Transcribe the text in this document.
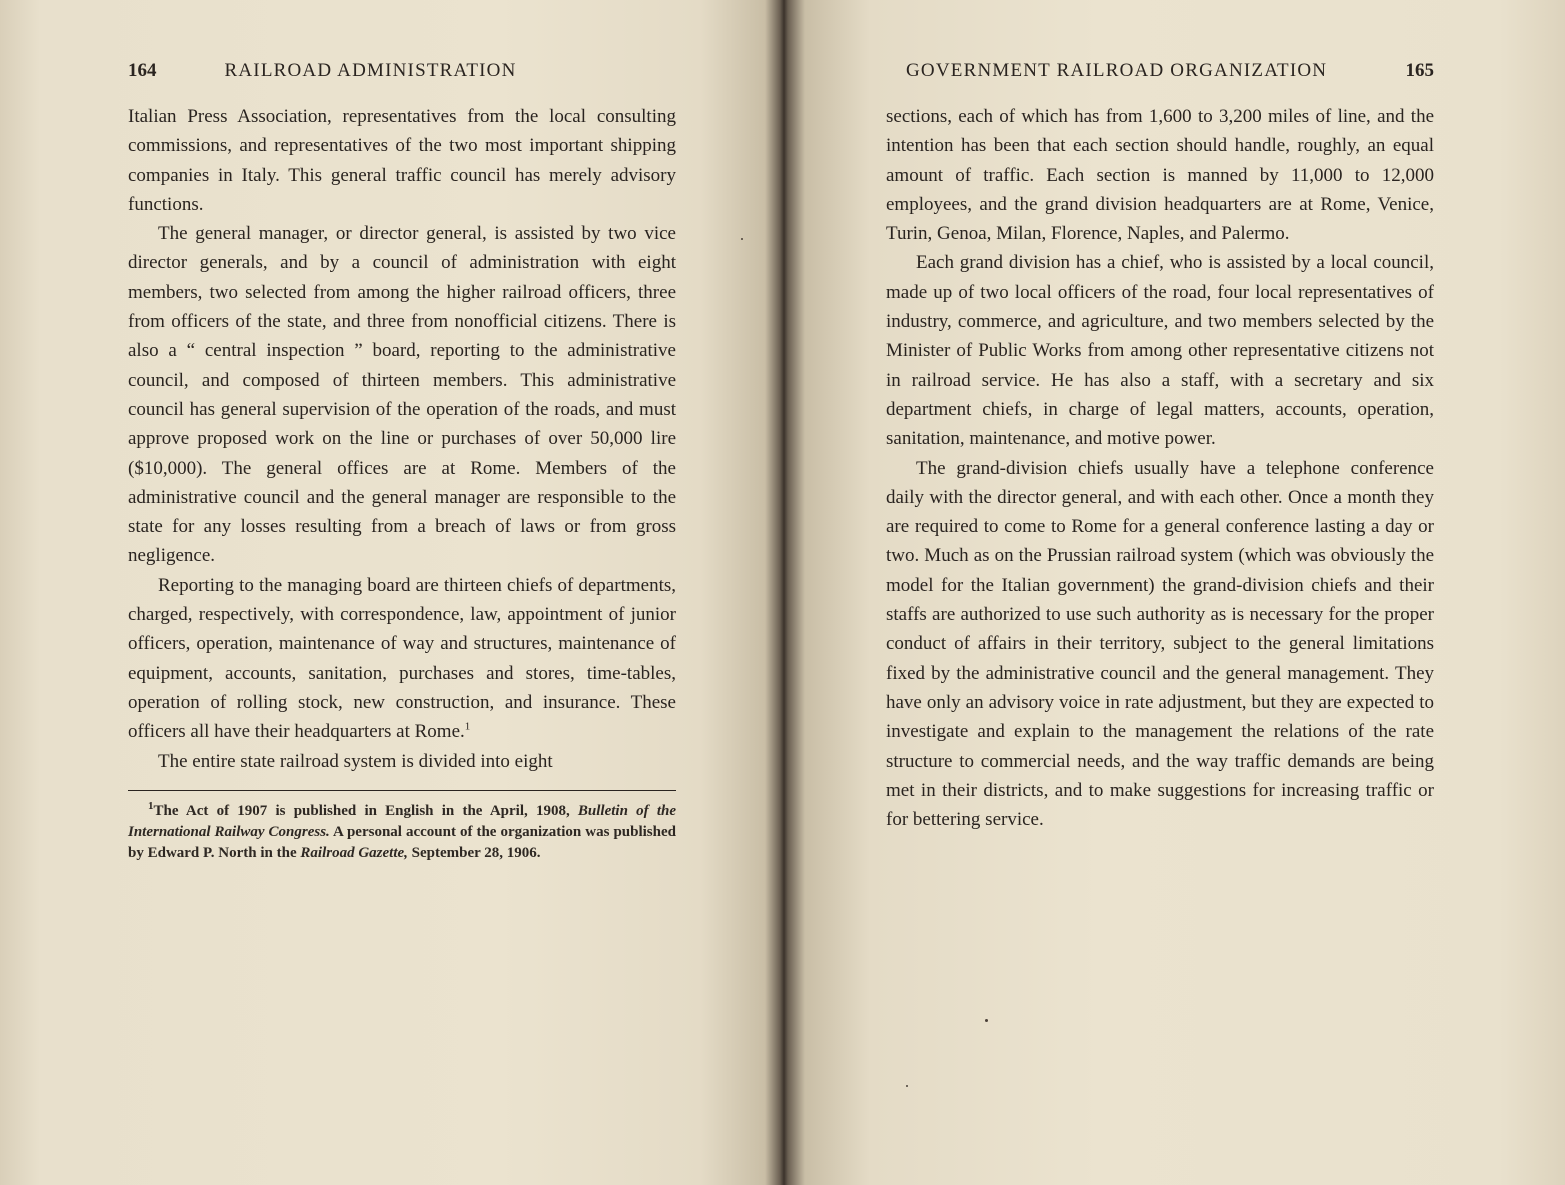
164	RAILROAD ADMINISTRATION

Italian Press Association, representatives from the local consulting commissions, and representatives of the two most important shipping companies in Italy. This general traffic council has merely advisory functions.

The general manager, or director general, is assisted by two vice director generals, and by a council of administration with eight members, two selected from among the higher railroad officers, three from officers of the state, and three from nonofficial citizens. There is also a “ central inspection ” board, reporting to the administrative council, and composed of thirteen members. This administrative council has general supervision of the operation of the roads, and must approve proposed work on the line or purchases of over 50,000 lire ($10,000). The general offices are at Rome. Members of the administrative council and the general manager are responsible to the state for any losses resulting from a breach of laws or from gross negligence.

Reporting to the managing board are thirteen chiefs of departments, charged, respectively, with correspondence, law, appointment of junior officers, operation, maintenance of way and structures, maintenance of equipment, accounts, sanitation, purchases and stores, time-tables, operation of rolling stock, new construction, and insurance. These officers all have their headquarters at Rome.$^1$

The entire state railroad system is divided into eight

$^1$The Act of 1907 is published in English in the April, 1908, Bulletin of the International Railway Congress. A personal account of the organization was published by Edward P. North in the Railroad Gazette, September 28, 1906.

GOVERNMENT RAILROAD ORGANIZATION	165

sections, each of which has from 1,600 to 3,200 miles of line, and the intention has been that each section should handle, roughly, an equal amount of traffic. Each section is manned by 11,000 to 12,000 employees, and the grand division headquarters are at Rome, Venice, Turin, Genoa, Milan, Florence, Naples, and Palermo.

Each grand division has a chief, who is assisted by a local council, made up of two local officers of the road, four local representatives of industry, commerce, and agriculture, and two members selected by the Minister of Public Works from among other representative citizens not in railroad service. He has also a staff, with a secretary and six department chiefs, in charge of legal matters, accounts, operation, sanitation, maintenance, and motive power.

The grand-division chiefs usually have a telephone conference daily with the director general, and with each other. Once a month they are required to come to Rome for a general conference lasting a day or two. Much as on the Prussian railroad system (which was obviously the model for the Italian government) the grand-division chiefs and their staffs are authorized to use such authority as is necessary for the proper conduct of affairs in their territory, subject to the general limitations fixed by the administrative council and the general management. They have only an advisory voice in rate adjustment, but they are expected to investigate and explain to the management the relations of the rate structure to commercial needs, and the way traffic demands are being met in their districts, and to make suggestions for increasing traffic or for bettering service.
